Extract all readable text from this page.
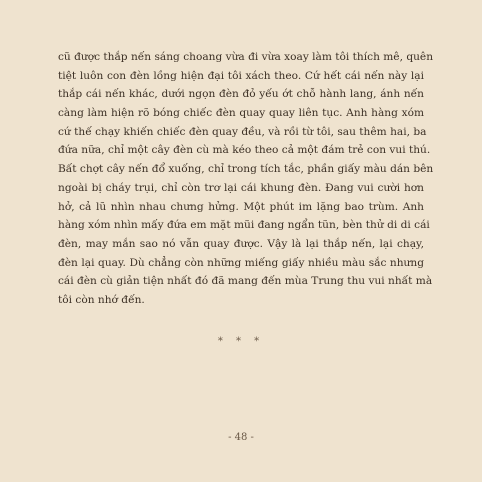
cũ được thắp nến sáng choang vừa đi vừa xoay làm tôi thích mê, quên
tiệt luôn con đèn lồng hiện đại tôi xách theo. Cứ hết cái nến này lại
thắp cái nến khác, dưới ngọn đèn đỏ yếu ớt chỗ hành lang, ánh nến
càng làm hiện rõ bóng chiếc đèn quay quay liên tục. Anh hàng xóm
cứ thế chạy khiến chiếc đèn quay đều, và rồi từ tôi, sau thêm hai, ba
đứa nữa, chỉ một cây đèn cù mà kéo theo cả một đám trẻ con vui thú.
Bất chợt cây nến đổ xuống, chỉ trong tích tắc, phần giấy màu dán bên
ngoài bị cháy trụi, chỉ còn trơ lại cái khung đèn. Đang vui cười hơn
hở, cả lũ nhìn nhau chưng hửng. Một phút im lặng bao trùm. Anh
hàng xóm nhìn mấy đứa em mặt mũi đang ngẩn tũn, bèn thử di di cái
đèn, may mắn sao nó vẫn quay được. Vậy là lại thắp nến, lại chạy,
đèn lại quay. Dù chẳng còn những miếng giấy nhiều màu sắc nhưng
cái đèn cù giản tiện nhất đó đã mang đến mùa Trung thu vui nhất mà
tôi còn nhớ đến.

* * *
- 48 -
